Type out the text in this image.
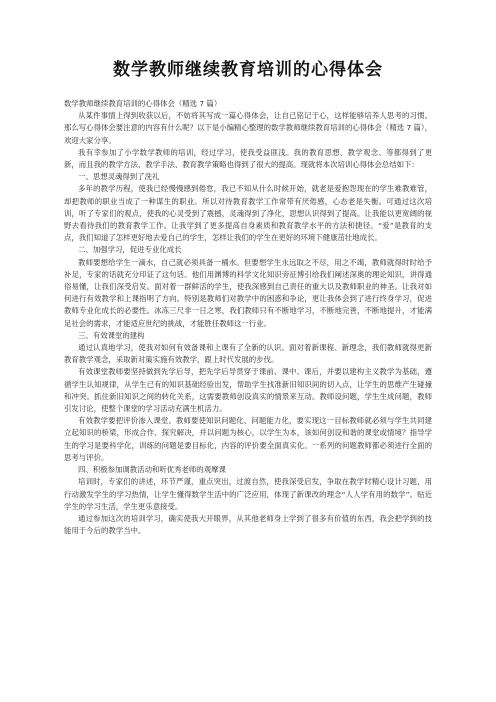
数学教师继续教育培训的心得体会

数学教师继续教育培训的心得体会（精选 7 篇）

从某件事情上得到收获以后，不妨将其写成一篇心得体会，让自己铭记于心，这样能够培养人思考的习惯。那么写心得体会要注意的内容有什么呢？以下是小编精心整理的数学教师继续教育培训的心得体会（精选 7 篇），欢迎大家分享。

我有幸参加了小学数学教师的培训，经过学习，使我受益匪浅。我的教育思想、教学观念、等都得到了更新，而且我的教学方法、教学手法、教育教学策略也得到了很大的提高。现就将本次培训心得体会总结如下：

一、思想灵魂得到了洗礼

多年的教学历程，使我已经慢慢感到倦怠，我已不知从什么时候开始，就老是爱抱怨现在的学生难教难管，却把教师的职业当成了一种谋生的职业。所以对待教育教学工作常带有厌倦感，心态老是失衡。可通过这次培训，听了专家们的观点，使我的心灵受到了震撼，灵魂得到了净化，思想认识得到了提高。让我能以更宽阔的视野去看待我们的教育教学工作。让我学到了更多提高自身素质和教育教学水平的方法和捷径。“爱”是教育的支点，我们知道了怎样更好地去爱自己的学生，怎样让我们的学生在更好的环境下健康茁壮地成长。

二、加强学习，促进专业化成长

教师要想给学生一滴水，自己就必须具备一桶水。但要想学生永远取之不尽，用之不竭，教师就得时时给予补足，专家的话就充分印证了这句话。他们用渊博的科学文化知识旁征博引给我们阐述深奥的理论知识，讲得通俗易懂，让我们深受启发。面对着一群鲜活的学生，使我深感到自己责任的重大以及教师职业的神圣。让我对如何进行有效教学和上课指明了方向。特别是教师们对教学中的困惑和争论，更让我体会到了进行终身学习，促进教师专业化成长的必要性。冰冻三尺非一日之寒，我们教师只有不断地学习，不断地完善，不断地提升，才能满足社会的需求，才能适应世纪的挑战，才能胜任教师这一行业。

三、有效课堂的建构

通过认真地学习，使我对如何有效备课和上课有了全新的认识。面对着新课程、新理念，我们教师就得更新教育教学观念，采取新对策实施有效教学，跟上时代发展的步伐。

有效课堂教师要坚持做到先学后导，把先学后导贯穿于课前、课中、课后，并要以建构主义教学为基础，遵循学生认知规律，从学生已有的知识基础经验出发，帮助学生找准新旧知识间的切入点，让学生的思维产生碰撞和冲突。抓住新旧知识之间的转化关系，这需要教师创设真实的情景来互动。教师设问题，学生生成问题，教师引发讨论，使整个课堂的学习活动充满生机活力。

有效教学要把评价渗入课堂。教师要使知识问题化、问题能力化，要实现这一目标教师就必须与学生共同建立起知识的桥梁，形成合作、探究解决，并以问题为核心，以学生为本，该如何创设和谐的课堂或情境？指导学生的学习是要科学化，训练的问题是要目标化，内容的评价要全面真实化。一系列的问题教师都必须进行全面的思考与评价。

四、积极参加调教活动和听优秀老师的观摩课

培训时，专家们的讲述，环节严谨，重点突出，过渡自然，使我深受启发，争取在教学时精心设计习题，用行动激发学生的学习热情，让学生懂得数学生活中的广泛应用，体现了新课改的理念“人人学有用的数学”。贴近学生的学习生活，学生更乐意接受。

通过参加这次的培训学习，确实使我大开眼界，从其他老师身上学到了很多有价值的东西，我会把学到的技能用于今后的教学当中。
